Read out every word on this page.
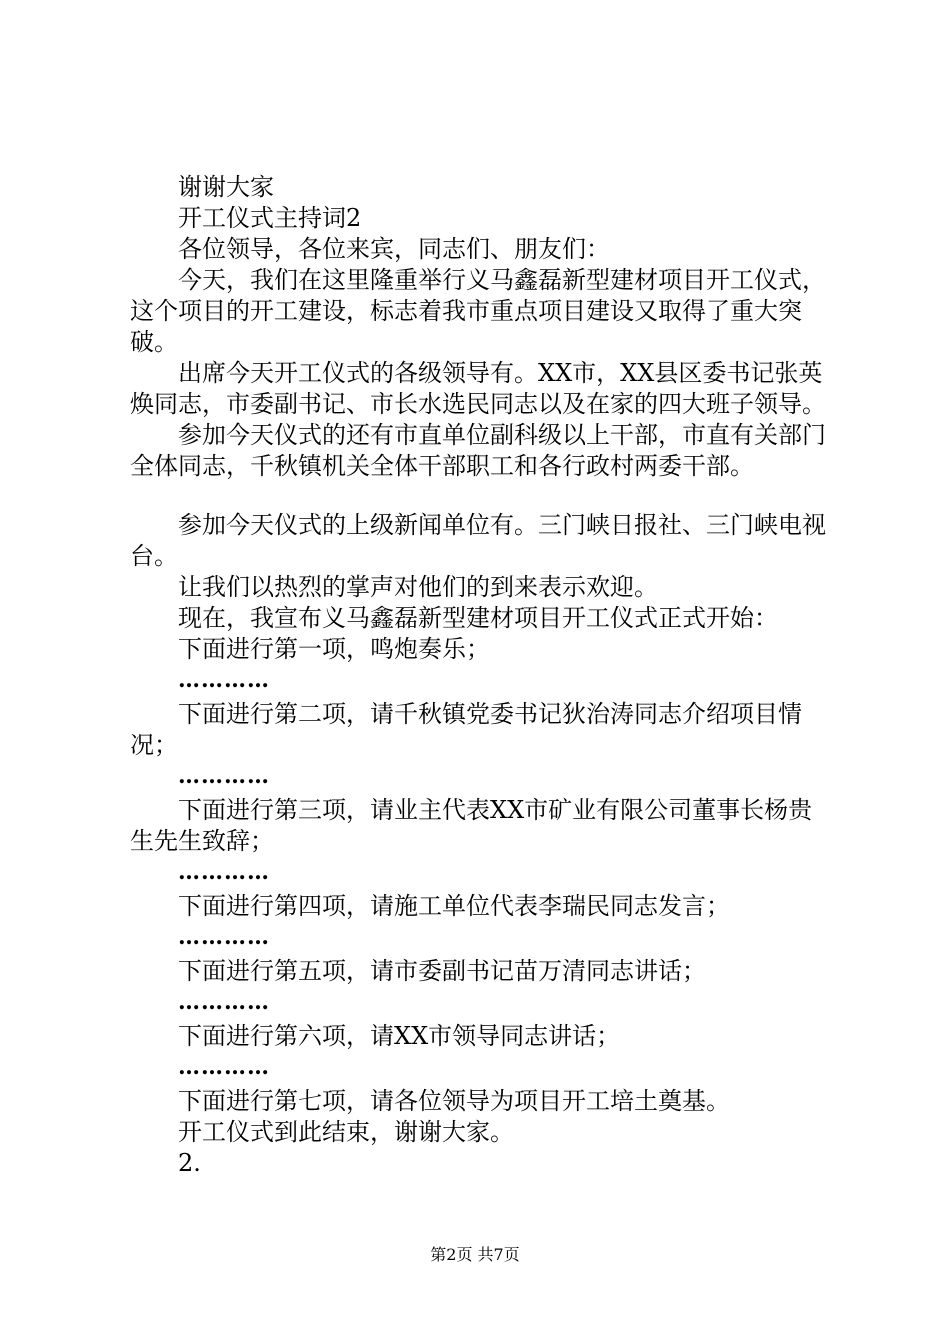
谢谢大家
开工仪式主持词2
各位领导，各位来宾，同志们、朋友们：
今天，我们在这里隆重举行义马鑫磊新型建材项目开工仪式，这个项目的开工建设，标志着我市重点项目建设又取得了重大突破。
出席今天开工仪式的各级领导有。XX市，XX县区委书记张英焕同志，市委副书记、市长水选民同志以及在家的四大班子领导。
参加今天仪式的还有市直单位副科级以上干部，市直有关部门全体同志，千秋镇机关全体干部职工和各行政村两委干部。
参加今天仪式的上级新闻单位有。三门峡日报社、三门峡电视台。
让我们以热烈的掌声对他们的到来表示欢迎。
现在，我宣布义马鑫磊新型建材项目开工仪式正式开始：
下面进行第一项，鸣炮奏乐；
…………
下面进行第二项，请千秋镇党委书记狄治涛同志介绍项目情况；
…………
下面进行第三项，请业主代表XX市矿业有限公司董事长杨贵生先生致辞；
…………
下面进行第四项，请施工单位代表李瑞民同志发言；
…………
下面进行第五项，请市委副书记苗万清同志讲话；
…………
下面进行第六项，请XX市领导同志讲话；
…………
下面进行第七项，请各位领导为项目开工培土奠基。
开工仪式到此结束，谢谢大家。
2.
第2页 共7页
